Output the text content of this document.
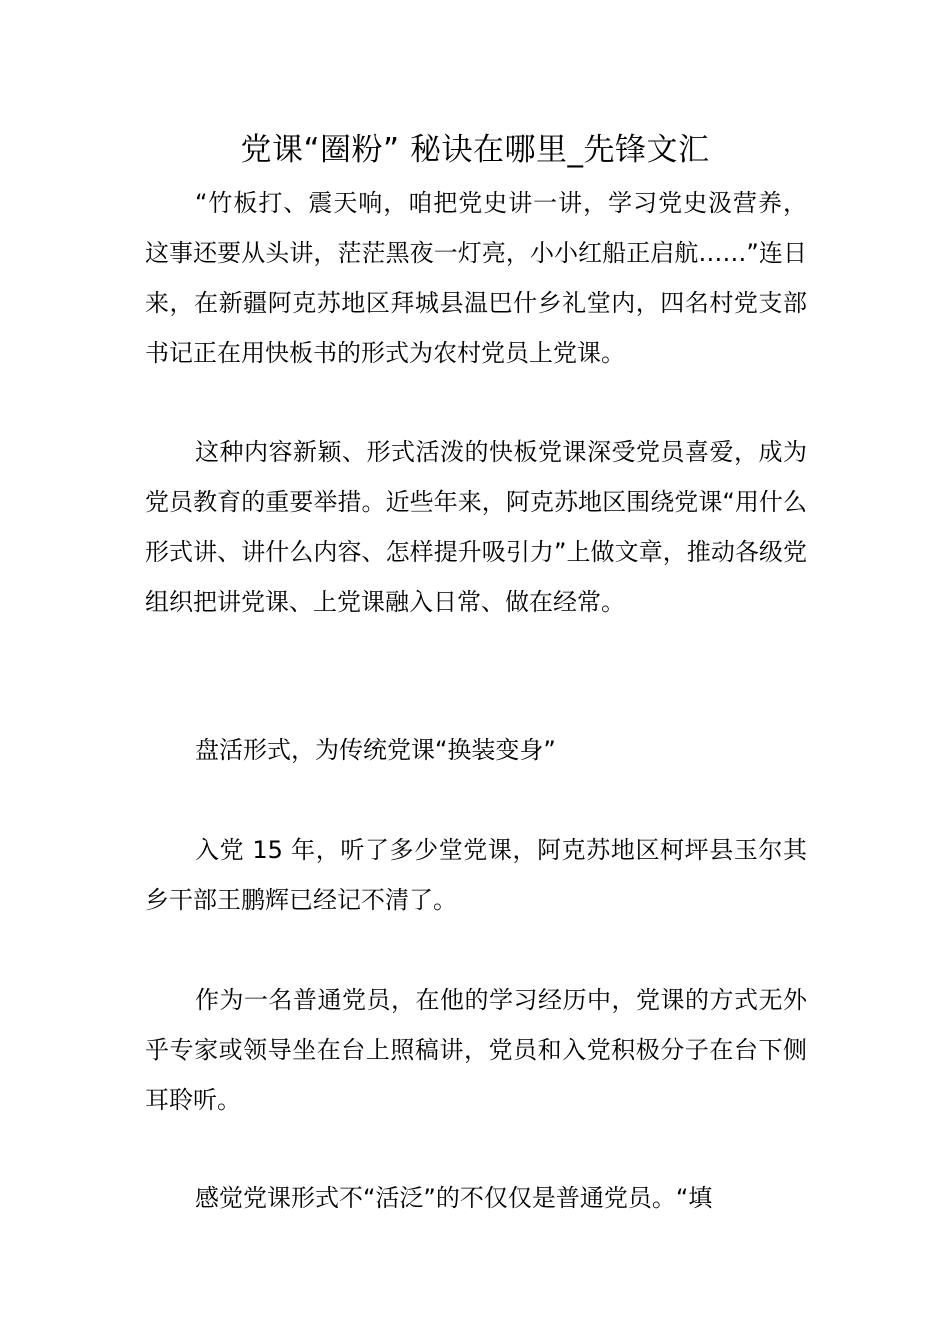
党课“圈粉” 秘诀在哪里_先锋文汇

“竹板打、震天响，咱把党史讲一讲，学习党史汲营养，这事还要从头讲，茫茫黑夜一灯亮，小小红船正启航……”连日来，在新疆阿克苏地区拜城县温巴什乡礼堂内，四名村党支部书记正在用快板书的形式为农村党员上党课。

这种内容新颖、形式活泼的快板党课深受党员喜爱，成为党员教育的重要举措。近些年来，阿克苏地区围绕党课“用什么形式讲、讲什么内容、怎样提升吸引力”上做文章，推动各级党组织把讲党课、上党课融入日常、做在经常。

盘活形式，为传统党课“换装变身”

入党 15 年，听了多少堂党课，阿克苏地区柯坪县玉尔其乡干部王鹏辉已经记不清了。

作为一名普通党员，在他的学习经历中，党课的方式无外乎专家或领导坐在台上照稿讲，党员和入党积极分子在台下侧耳聆听。

感觉党课形式不“活泛”的不仅仅是普通党员。“填
